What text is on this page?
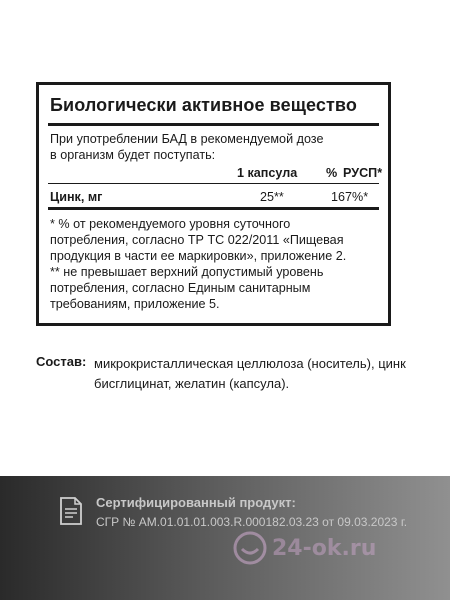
Биологически активное вещество
При употреблении БАД в рекомендуемой дозе
в организм будет поступать:
1 капсула % РУСП*
Цинк, мг	25**	167%*
* % от рекомендуемого уровня суточного
потребления, согласно ТР ТС 022/2011 «Пищевая
продукция в части ее маркировки», приложение 2.
** не превышает верхний допустимый уровень
потребления, согласно Единым санитарным
требованиям, приложение 5.
Состав: микрокристаллическая целлюлоза (носитель), цинк бисглицинат, желатин (капсула).
Сертифицированный продукт:
СГР № АМ.01.01.01.003.R.000182.03.23 от 09.03.2023 г.
24-ok.ru
